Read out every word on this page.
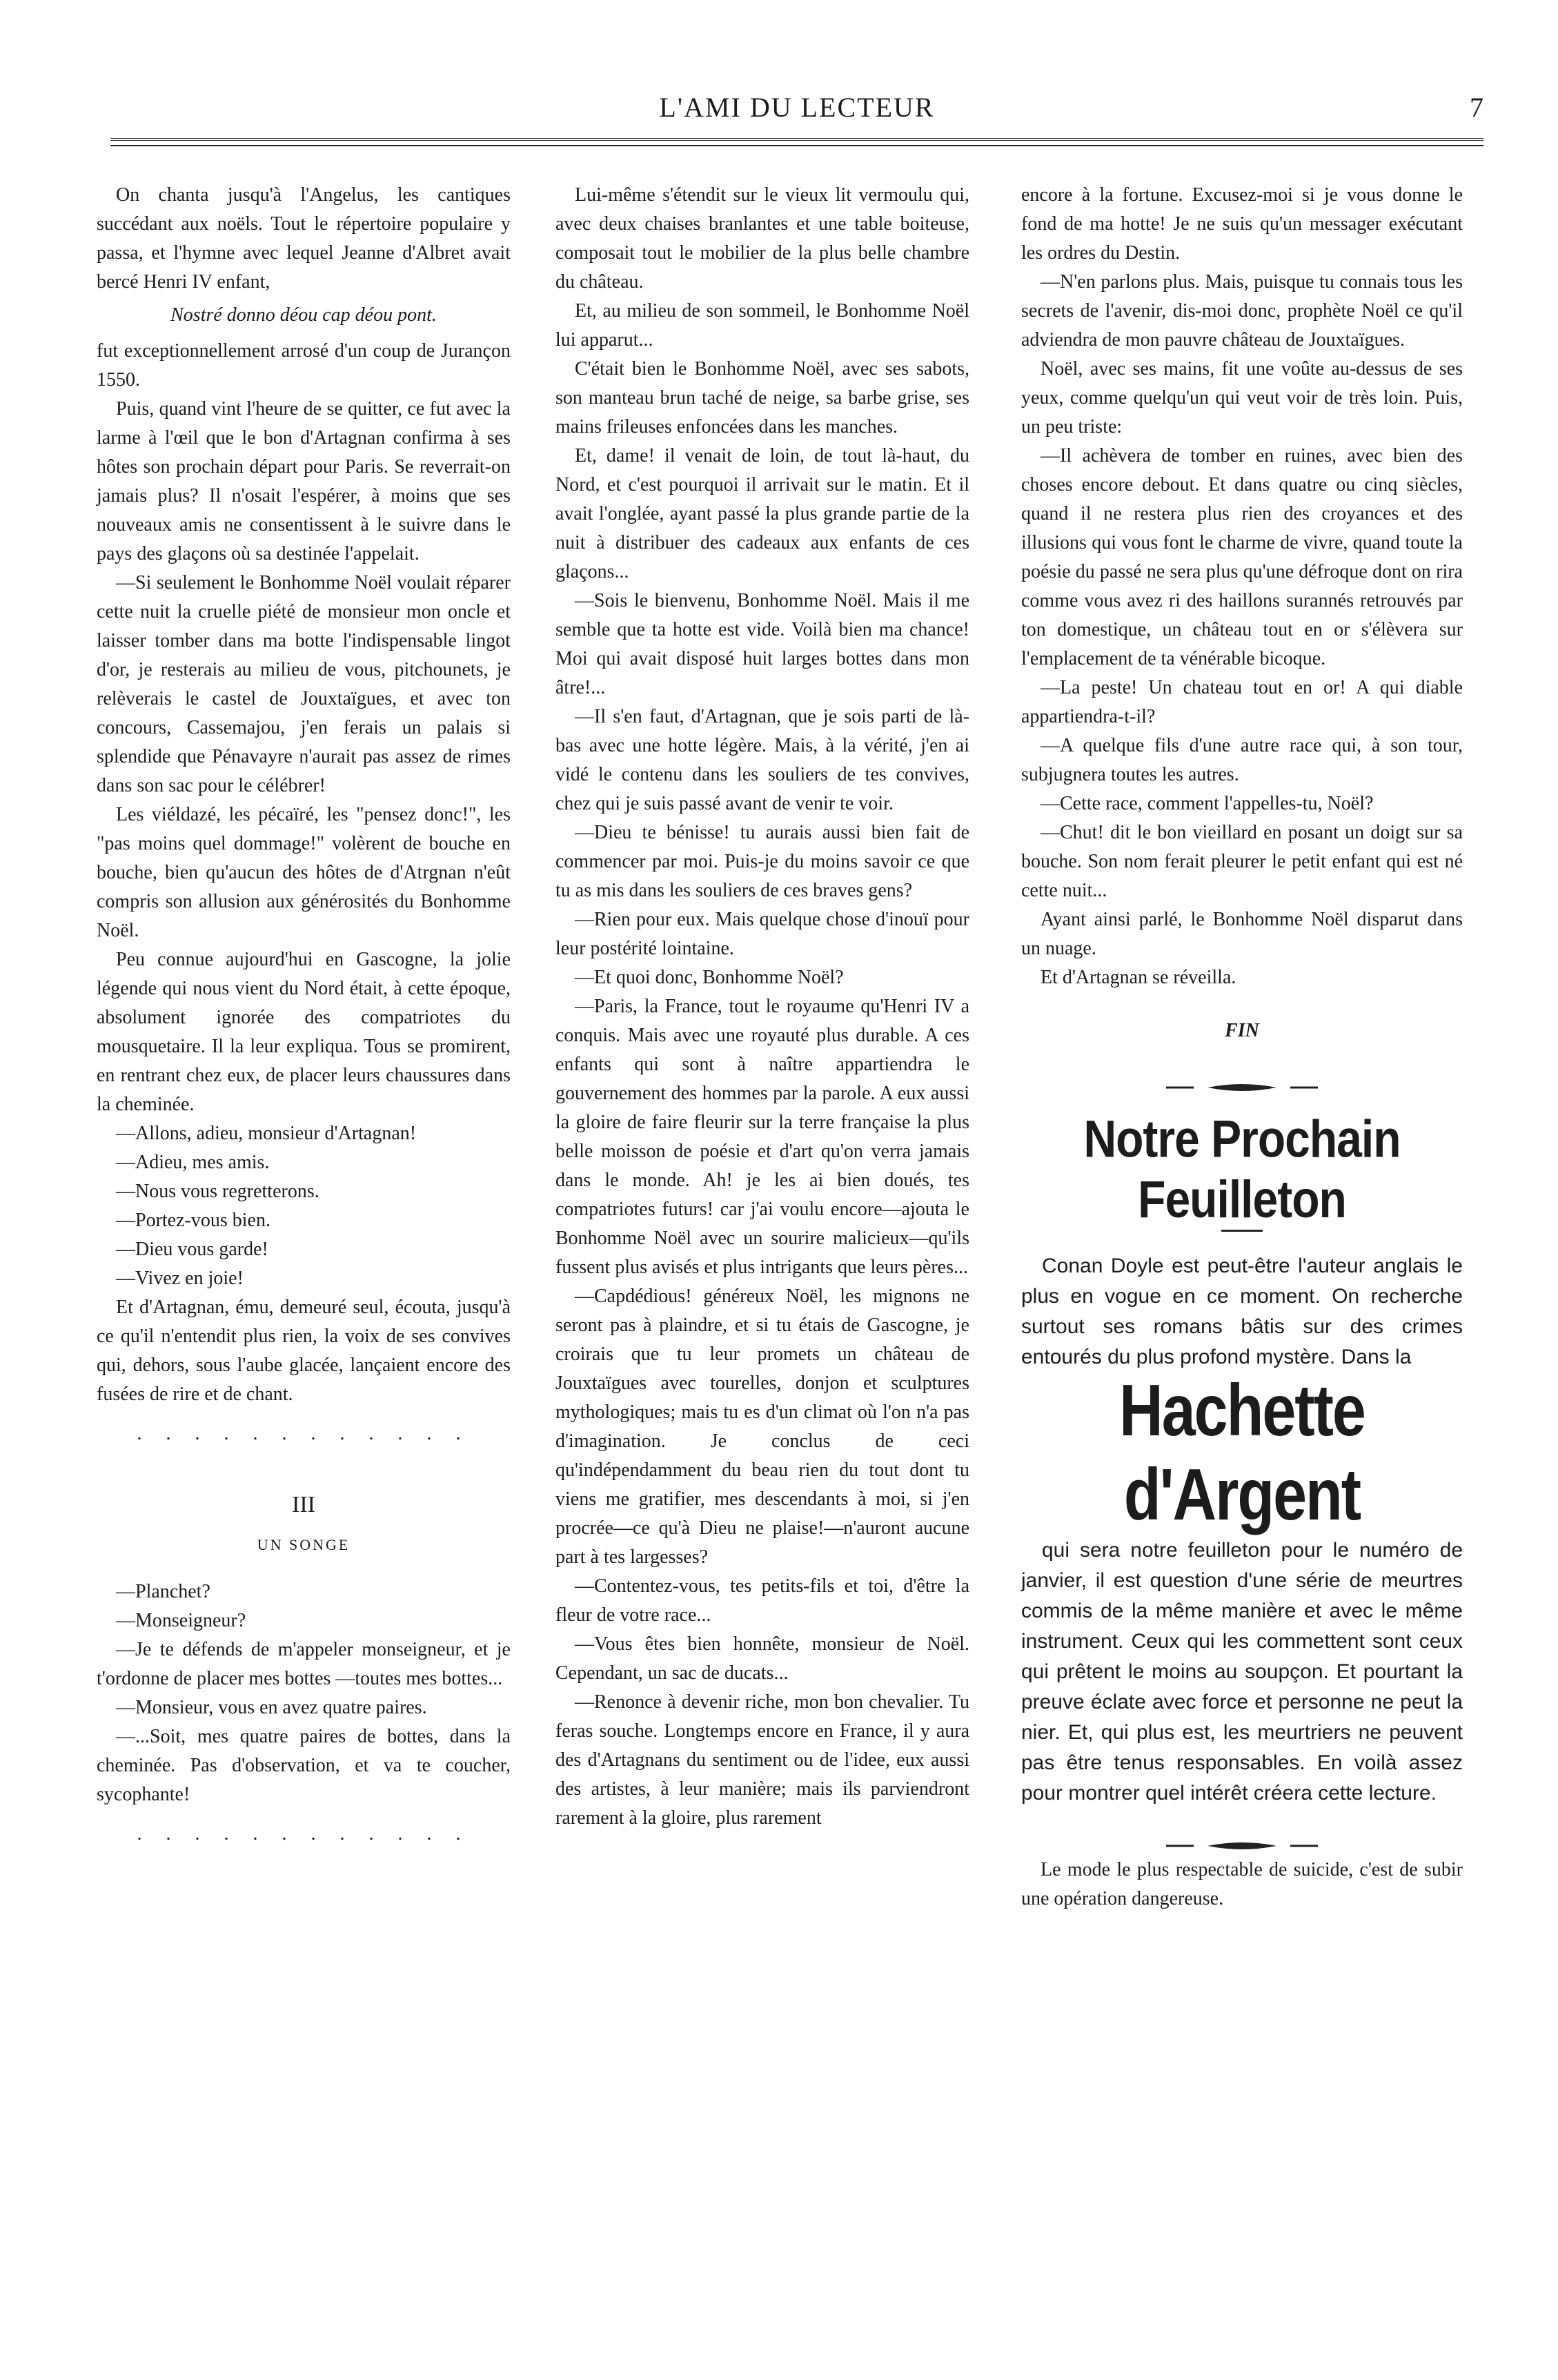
L'AMI DU LECTEUR	7

On chanta jusqu'à l'Angelus, les cantiques succédant aux noëls. Tout le répertoire populaire y passa, et l'hymne avec lequel Jeanne d'Albret avait bercé Henri IV enfant,

Nostré donno déou cap déou pont.

fut exceptionnellement arrosé d'un coup de Jurançon 1550.

Puis, quand vint l'heure de se quitter, ce fut avec la larme à l'œil que le bon d'Artagnan confirma à ses hôtes son prochain départ pour Paris. Se reverrait-on jamais plus? Il n'osait l'espérer, à moins que ses nouveaux amis ne consentissent à le suivre dans le pays des glaçons où sa destinée l'appelait.

—Si seulement le Bonhomme Noël voulait réparer cette nuit la cruelle piété de monsieur mon oncle et laisser tomber dans ma botte l'indispensable lingot d'or, je resterais au milieu de vous, pitchounets, je relèverais le castel de Jouxtaïgues, et avec ton concours, Cassemajou, j'en ferais un palais si splendide que Pénavayre n'aurait pas assez de rimes dans son sac pour le célébrer!

Les viéldazé, les pécaïré, les "pensez donc!", les "pas moins quel dommage!" volèrent de bouche en bouche, bien qu'aucun des hôtes de d'Atrgnan n'eût compris son allusion aux générosités du Bonhomme Noël.

Peu connue aujourd'hui en Gascogne, la jolie légende qui nous vient du Nord était, à cette époque, absolument ignorée des compatriotes du mousquetaire. Il la leur expliqua. Tous se promirent, en rentrant chez eux, de placer leurs chaussures dans la cheminée.

—Allons, adieu, monsieur d'Artagnan!

—Adieu, mes amis.

—Nous vous regretterons.

—Portez-vous bien.

—Dieu vous garde!

—Vivez en joie!

Et d'Artagnan, ému, demeuré seul, écouta, jusqu'à ce qu'il n'entendit plus rien, la voix de ses convives qui, dehors, sous l'aube glacée, lançaient encore des fusées de rire et de chant.

. . . . . . . . . . . .
III
UN SONGE

—Planchet?

—Monseigneur?

—Je te défends de m'appeler monseigneur, et je t'ordonne de placer mes bottes —toutes mes bottes...

—Monsieur, vous en avez quatre paires.

—...Soit, mes quatre paires de bottes, dans la cheminée. Pas d'observation, et va te coucher, sycophante!

. . . . . . . . . . . .

Lui-même s'étendit sur le vieux lit vermoulu qui, avec deux chaises branlantes et une table boiteuse, composait tout le mobilier de la plus belle chambre du château.

Et, au milieu de son sommeil, le Bonhomme Noël lui apparut...

C'était bien le Bonhomme Noël, avec ses sabots, son manteau brun taché de neige, sa barbe grise, ses mains frileuses enfoncées dans les manches.

Et, dame! il venait de loin, de tout là-haut, du Nord, et c'est pourquoi il arrivait sur le matin. Et il avait l'onglée, ayant passé la plus grande partie de la nuit à distribuer des cadeaux aux enfants de ces glaçons...

—Sois le bienvenu, Bonhomme Noël. Mais il me semble que ta hotte est vide. Voilà bien ma chance! Moi qui avait disposé huit larges bottes dans mon âtre!...

—Il s'en faut, d'Artagnan, que je sois parti de là-bas avec une hotte légère. Mais, à la vérité, j'en ai vidé le contenu dans les souliers de tes convives, chez qui je suis passé avant de venir te voir.

—Dieu te bénisse! tu aurais aussi bien fait de commencer par moi. Puis-je du moins savoir ce que tu as mis dans les souliers de ces braves gens?

—Rien pour eux. Mais quelque chose d'inouï pour leur postérité lointaine.

—Et quoi donc, Bonhomme Noël?

—Paris, la France, tout le royaume qu'Henri IV a conquis. Mais avec une royauté plus durable. A ces enfants qui sont à naître appartiendra le gouvernement des hommes par la parole. A eux aussi la gloire de faire fleurir sur la terre française la plus belle moisson de poésie et d'art qu'on verra jamais dans le monde. Ah! je les ai bien doués, tes compatriotes futurs! car j'ai voulu encore—ajouta le Bonhomme Noël avec un sourire malicieux—qu'ils fussent plus avisés et plus intrigants que leurs pères...

—Capdédious! généreux Noël, les mignons ne seront pas à plaindre, et si tu étais de Gascogne, je croirais que tu leur promets un château de Jouxtaïgues avec tourelles, donjon et sculptures mythologiques; mais tu es d'un climat où l'on n'a pas d'imagination. Je conclus de ceci qu'indépendamment du beau rien du tout dont tu viens me gratifier, mes descendants à moi, si j'en procrée—ce qu'à Dieu ne plaise!—n'auront aucune part à tes largesses?

—Contentez-vous, tes petits-fils et toi, d'être la fleur de votre race...

—Vous êtes bien honnête, monsieur de Noël. Cependant, un sac de ducats...

—Renonce à devenir riche, mon bon chevalier. Tu feras souche. Longtemps encore en France, il y aura des d'Artagnans du sentiment ou de l'idee, eux aussi des artistes, à leur manière; mais ils parviendront rarement à la gloire, plus rarement

encore à la fortune. Excusez-moi si je vous donne le fond de ma hotte! Je ne suis qu'un messager exécutant les ordres du Destin.

—N'en parlons plus. Mais, puisque tu connais tous les secrets de l'avenir, dis-moi donc, prophète Noël ce qu'il adviendra de mon pauvre château de Jouxtaïgues.

Noël, avec ses mains, fit une voûte au-dessus de ses yeux, comme quelqu'un qui veut voir de très loin. Puis, un peu triste:

—Il achèvera de tomber en ruines, avec bien des choses encore debout. Et dans quatre ou cinq siècles, quand il ne restera plus rien des croyances et des illusions qui vous font le charme de vivre, quand toute la poésie du passé ne sera plus qu'une défroque dont on rira comme vous avez ri des haillons surannés retrouvés par ton domestique, un château tout en or s'élèvera sur l'emplacement de ta vénérable bicoque.

—La peste! Un chateau tout en or! A qui diable appartiendra-t-il?

—A quelque fils d'une autre race qui, à son tour, subjugnera toutes les autres.

—Cette race, comment l'appelles-tu, Noël?

—Chut! dit le bon vieillard en posant un doigt sur sa bouche. Son nom ferait pleurer le petit enfant qui est né cette nuit...

Ayant ainsi parlé, le Bonhomme Noël disparut dans un nuage.

Et d'Artagnan se réveilla.

FIN
Notre Prochain Feuilleton

Conan Doyle est peut-être l'auteur anglais le plus en vogue en ce moment. On recherche surtout ses romans bâtis sur des crimes entourés du plus profond mystère. Dans la

Hachette d'Argent

qui sera notre feuilleton pour le numéro de janvier, il est question d'une série de meurtres commis de la même manière et avec le même instrument. Ceux qui les commettent sont ceux qui prêtent le moins au soupçon. Et pourtant la preuve éclate avec force et personne ne peut la nier. Et, qui plus est, les meurtriers ne peuvent pas être tenus responsables. En voilà assez pour montrer quel intérêt créera cette lecture.

Le mode le plus respectable de suicide, c'est de subir une opération dangereuse.
